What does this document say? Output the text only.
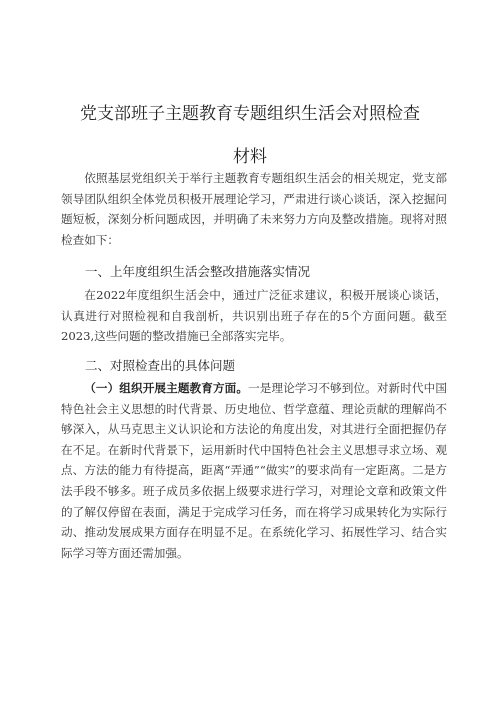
党支部班子主题教育专题组织生活会对照检查
材料

依照基层党组织关于举行主题教育专题组织生活会的相关规定，党支部领导团队组织全体党员积极开展理论学习，严肃进行谈心谈话，深入挖掘问题短板，深刻分析问题成因，并明确了未来努力方向及整改措施。现将对照检查如下：

一、上年度组织生活会整改措施落实情况

在2022年度组织生活会中，通过广泛征求建议，积极开展谈心谈话，认真进行对照检视和自我剖析，共识别出班子存在的5个方面问题。截至2023,这些问题的整改措施已全部落实完毕。

二、对照检查出的具体问题

（一）组织开展主题教育方面。一是理论学习不够到位。对新时代中国特色社会主义思想的时代背景、历史地位、哲学意蕴、理论贡献的理解尚不够深入，从马克思主义认识论和方法论的角度出发，对其进行全面把握仍存在不足。在新时代背景下，运用新时代中国特色社会主义思想寻求立场、观点、方法的能力有待提高，距离“弄通”“做实”的要求尚有一定距离。二是方法手段不够多。班子成员多依据上级要求进行学习，对理论文章和政策文件的了解仅停留在表面，满足于完成学习任务，而在将学习成果转化为实际行动、推动发展成果方面存在明显不足。在系统化学习、拓展性学习、结合实际学习等方面还需加强。
